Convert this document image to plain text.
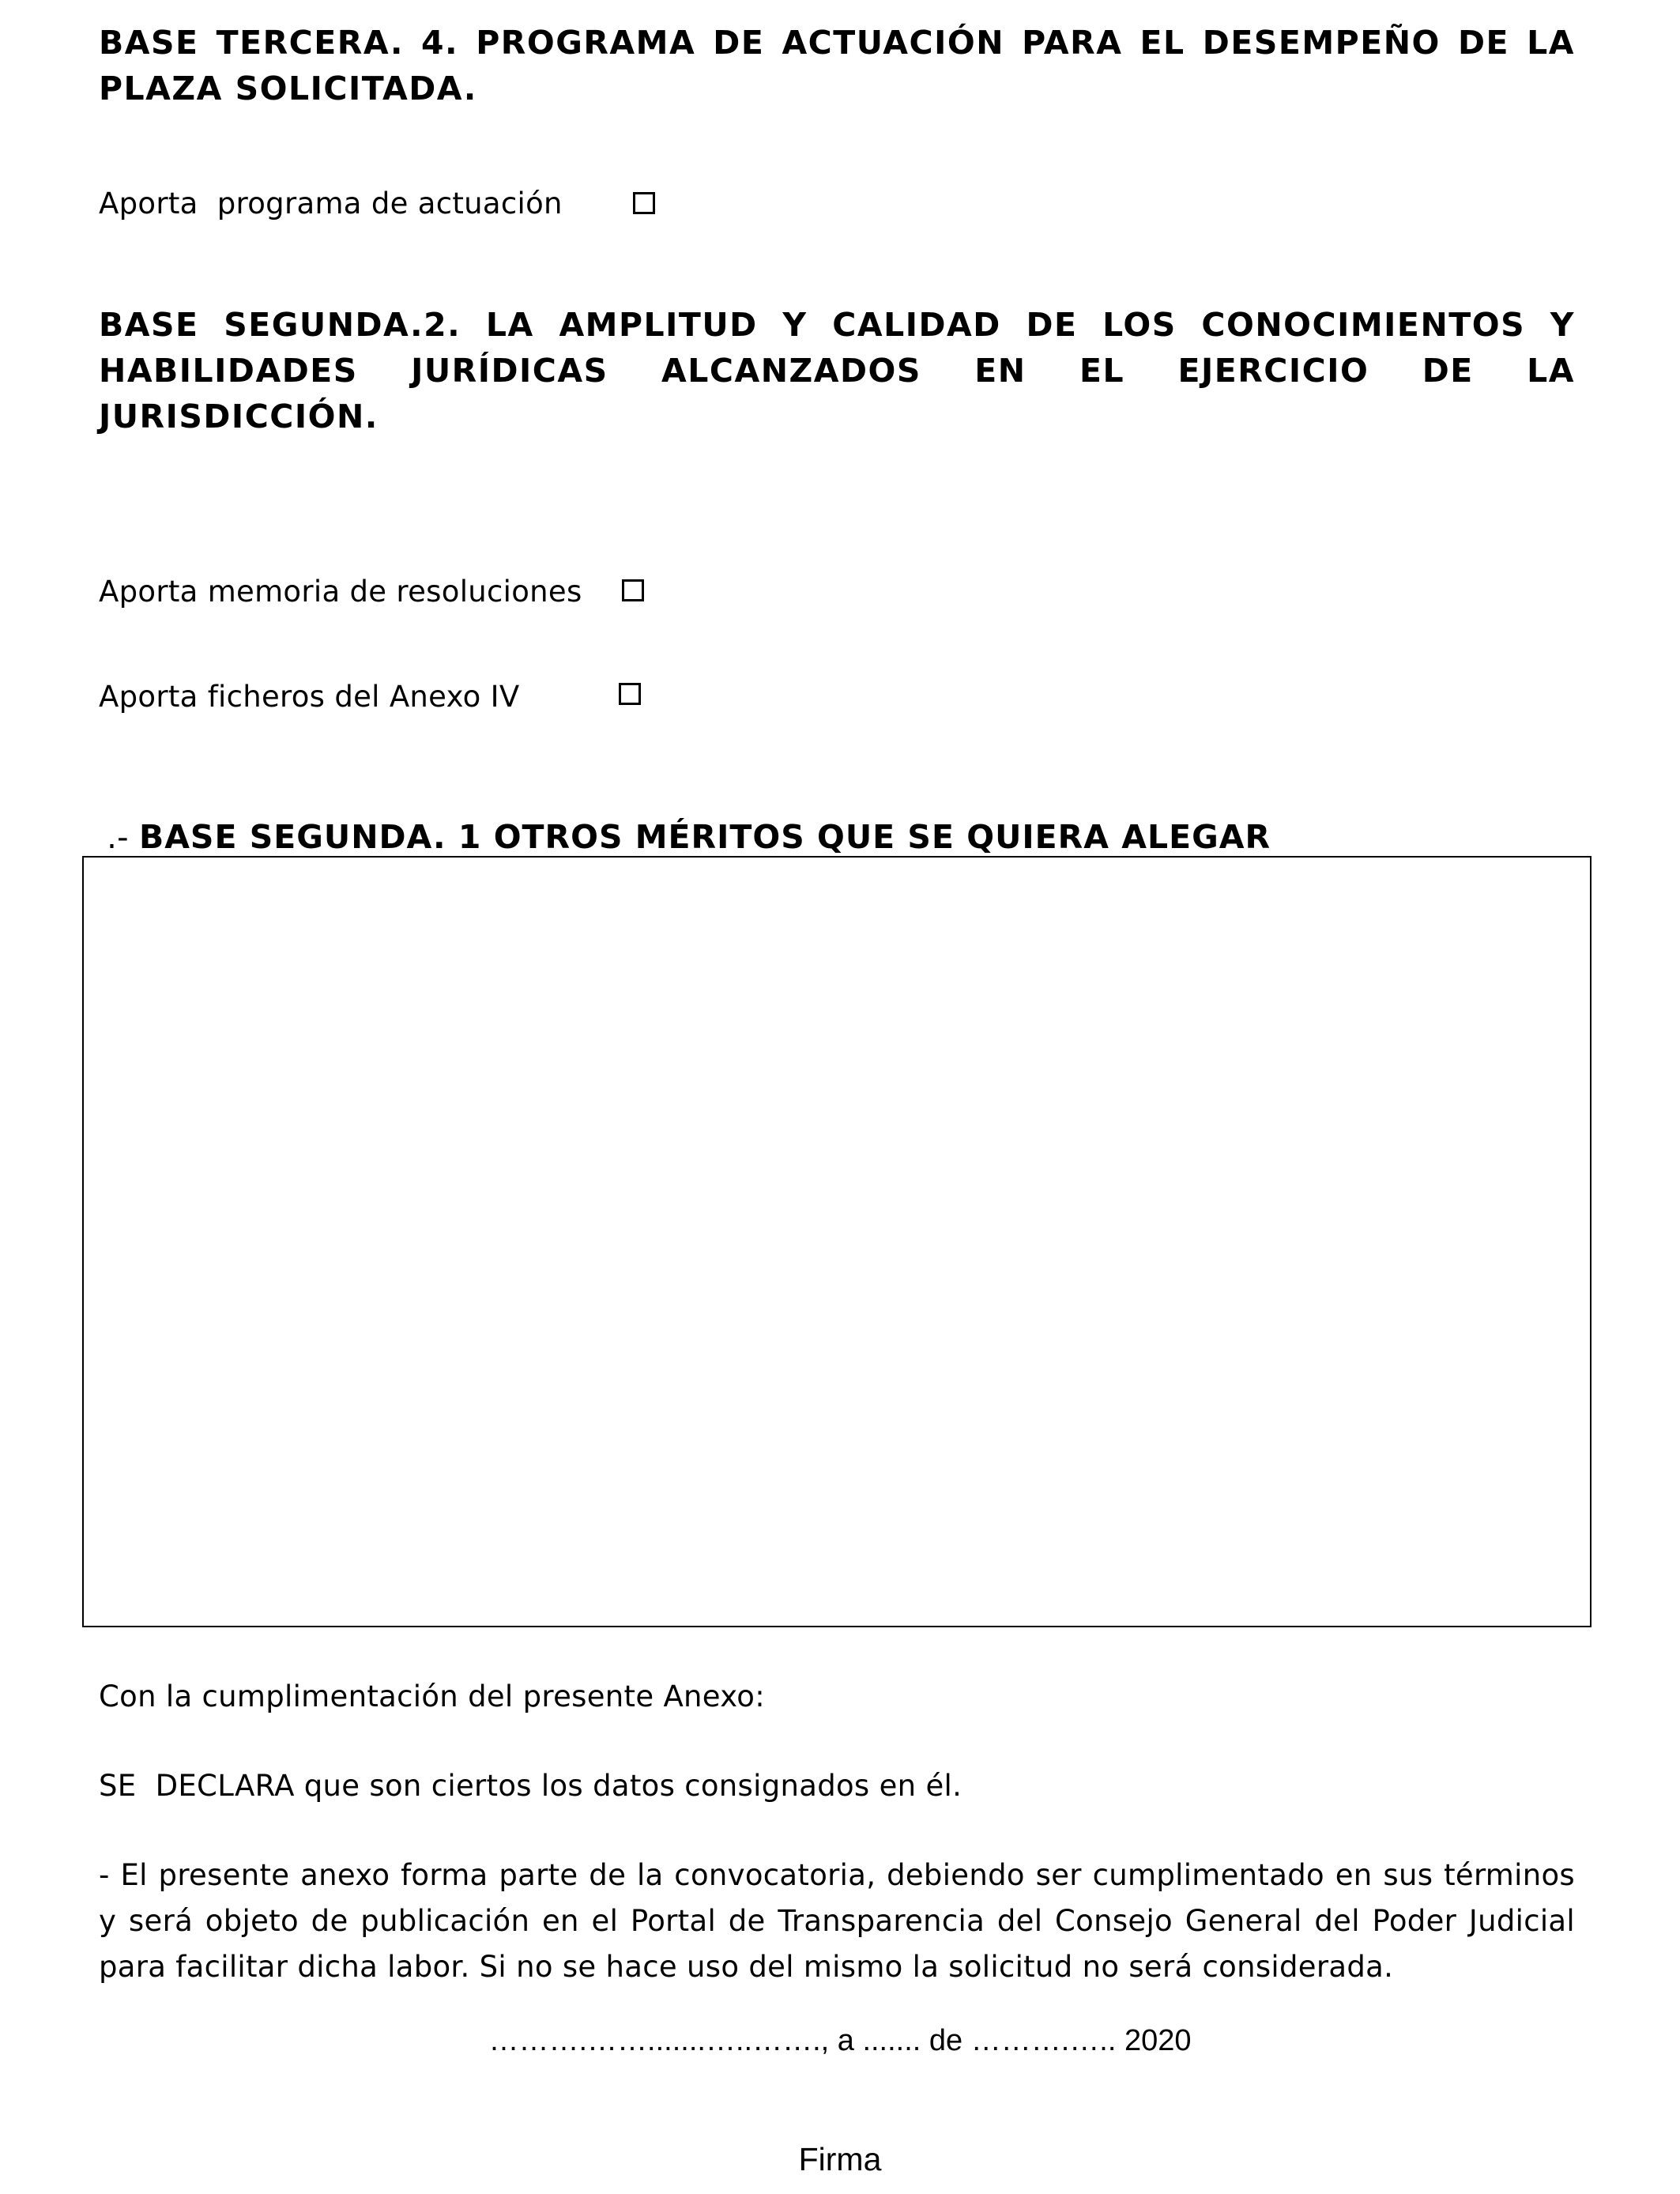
BASE TERCERA. 4. PROGRAMA DE ACTUACIÓN PARA EL DESEMPEÑO DE LA PLAZA SOLICITADA.
Aporta  programa de actuación
BASE SEGUNDA.2. LA AMPLITUD Y CALIDAD DE LOS CONOCIMIENTOS Y HABILIDADES JURÍDICAS ALCANZADOS EN EL EJERCICIO DE LA JURISDICCIÓN.
Aporta memoria de resoluciones
Aporta ficheros del Anexo IV

.- BASE SEGUNDA. 1 OTROS MÉRITOS QUE SE QUIERA ALEGAR

Con la cumplimentación del presente Anexo:
SE  DECLARA que son ciertos los datos consignados en él.
- El presente anexo forma parte de la convocatoria, debiendo ser cumplimentado en sus términos y será objeto de publicación en el Portal de Transparencia del Consejo General del Poder Judicial para facilitar dicha labor. Si no se hace uso del mismo la solicitud no será considerada.
……….…….......…..……., a ....... de ……….….. 2020
Firma
